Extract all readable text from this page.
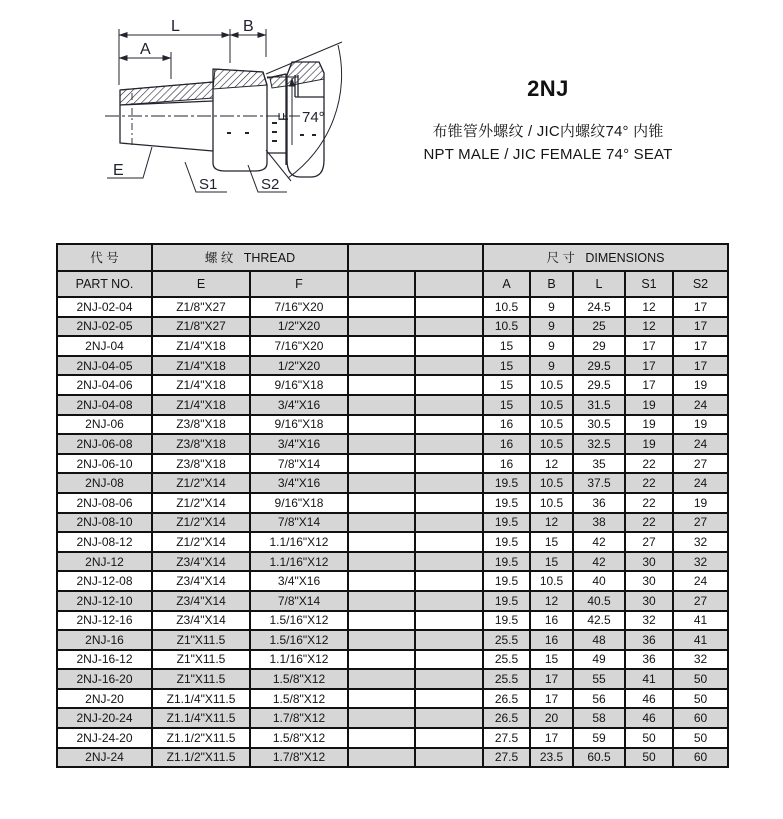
L	B
A
E
S1	S2
F 74°
2NJ
布锥管外螺纹 / JIC内螺纹74° 内锥
NPT MALE / JIC FEMALE 74° SEAT
代 号	螺 纹   THREAD				尺 寸   DIMENSIONS				
PART NO.	E	F			A	B	L	S1	S2
2NJ-02-04	Z1/8"X27	7/16"X20			10.5	9	24.5	12	17
2NJ-02-05	Z1/8"X27	1/2"X20			10.5	9	25	12	17
2NJ-04	Z1/4"X18	7/16"X20			15	9	29	17	17
2NJ-04-05	Z1/4"X18	1/2"X20			15	9	29.5	17	17
2NJ-04-06	Z1/4"X18	9/16"X18			15	10.5	29.5	17	19
2NJ-04-08	Z1/4"X18	3/4"X16			15	10.5	31.5	19	24
2NJ-06	Z3/8"X18	9/16"X18			16	10.5	30.5	19	19
2NJ-06-08	Z3/8"X18	3/4"X16			16	10.5	32.5	19	24
2NJ-06-10	Z3/8"X18	7/8"X14			16	12	35	22	27
2NJ-08	Z1/2"X14	3/4"X16			19.5	10.5	37.5	22	24
2NJ-08-06	Z1/2"X14	9/16"X18			19.5	10.5	36	22	19
2NJ-08-10	Z1/2"X14	7/8"X14			19.5	12	38	22	27
2NJ-08-12	Z1/2"X14	1.1/16"X12			19.5	15	42	27	32
2NJ-12	Z3/4"X14	1.1/16"X12			19.5	15	42	30	32
2NJ-12-08	Z3/4"X14	3/4"X16			19.5	10.5	40	30	24
2NJ-12-10	Z3/4"X14	7/8"X14			19.5	12	40.5	30	27
2NJ-12-16	Z3/4"X14	1.5/16"X12			19.5	16	42.5	32	41
2NJ-16	Z1"X11.5	1.5/16"X12			25.5	16	48	36	41
2NJ-16-12	Z1"X11.5	1.1/16"X12			25.5	15	49	36	32
2NJ-16-20	Z1"X11.5	1.5/8"X12			25.5	17	55	41	50
2NJ-20	Z1.1/4"X11.5	1.5/8"X12			26.5	17	56	46	50
2NJ-20-24	Z1.1/4"X11.5	1.7/8"X12			26.5	20	58	46	60
2NJ-24-20	Z1.1/2"X11.5	1.5/8"X12			27.5	17	59	50	50
2NJ-24	Z1.1/2"X11.5	1.7/8"X12			27.5	23.5	60.5	50	60
